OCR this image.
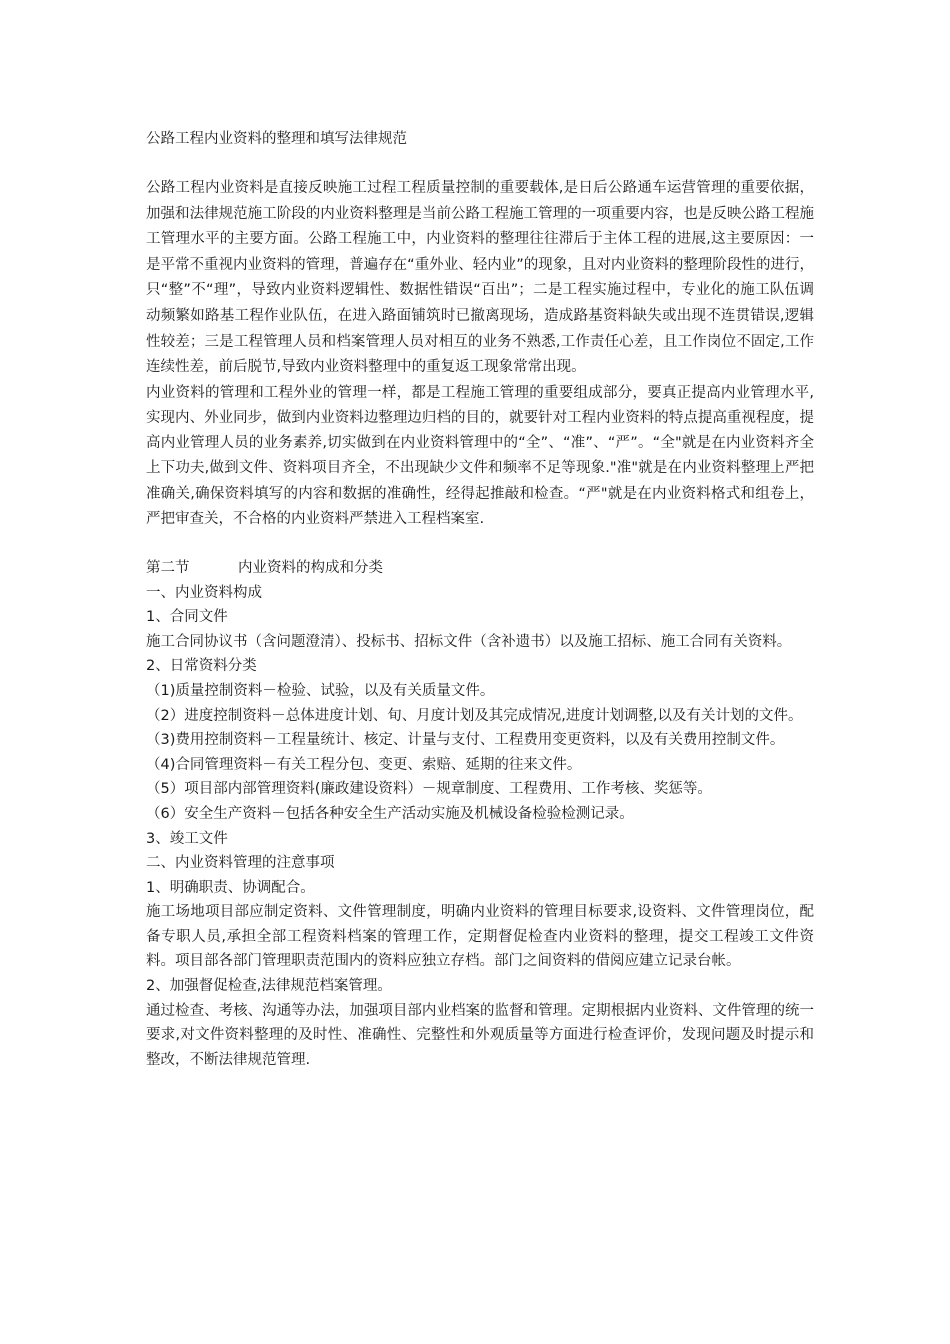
公路工程内业资料的整理和填写法律规范

公路工程内业资料是直接反映施工过程工程质量控制的重要载体,是日后公路通车运营管理的重要依据，加强和法律规范施工阶段的内业资料整理是当前公路工程施工管理的一项重要内容，也是反映公路工程施工管理水平的主要方面。公路工程施工中，内业资料的整理往往滞后于主体工程的进展,这主要原因：一是平常不重视内业资料的管理，普遍存在“重外业、轻内业”的现象，且对内业资料的整理阶段性的进行，只“整”不“理”，导致内业资料逻辑性、数据性错误“百出”；二是工程实施过程中，专业化的施工队伍调动频繁如路基工程作业队伍，在进入路面铺筑时已撤离现场，造成路基资料缺失或出现不连贯错误,逻辑性较差；三是工程管理人员和档案管理人员对相互的业务不熟悉,工作责任心差，且工作岗位不固定,工作连续性差，前后脱节,导致内业资料整理中的重复返工现象常常出现。

内业资料的管理和工程外业的管理一样，都是工程施工管理的重要组成部分，要真正提高内业管理水平,实现内、外业同步，做到内业资料边整理边归档的目的，就要针对工程内业资料的特点提高重视程度，提高内业管理人员的业务素养,切实做到在内业资料管理中的“全”、“准”、“严”。“全"就是在内业资料齐全上下功夫,做到文件、资料项目齐全，不出现缺少文件和频率不足等现象."准"就是在内业资料整理上严把准确关,确保资料填写的内容和数据的准确性，经得起推敲和检查。“严"就是在内业资料格式和组卷上，严把审查关，不合格的内业资料严禁进入工程档案室.

第二节	内业资料的构成和分类

一、内业资料构成

1、合同文件

施工合同协议书（含问题澄清）、投标书、招标文件（含补遗书）以及施工招标、施工合同有关资料。

2、日常资料分类

（1)质量控制资料－检验、试验，以及有关质量文件。

（2）进度控制资料－总体进度计划、旬、月度计划及其完成情况,进度计划调整,以及有关计划的文件。

（3)费用控制资料－工程量统计、核定、计量与支付、工程费用变更资料，以及有关费用控制文件。

（4)合同管理资料－有关工程分包、变更、索赔、延期的往来文件。

（5）项目部内部管理资料(廉政建设资料）－规章制度、工程费用、工作考核、奖惩等。

（6）安全生产资料－包括各种安全生产活动实施及机械设备检验检测记录。

3、竣工文件

二、内业资料管理的注意事项

1、明确职责、协调配合。

施工场地项目部应制定资料、文件管理制度，明确内业资料的管理目标要求,设资料、文件管理岗位，配备专职人员,承担全部工程资料档案的管理工作，定期督促检查内业资料的整理，提交工程竣工文件资料。项目部各部门管理职责范围内的资料应独立存档。部门之间资料的借阅应建立记录台帐。

2、加强督促检查,法律规范档案管理。

通过检查、考核、沟通等办法，加强项目部内业档案的监督和管理。定期根据内业资料、文件管理的统一要求,对文件资料整理的及时性、准确性、完整性和外观质量等方面进行检查评价，发现问题及时提示和整改，不断法律规范管理.
